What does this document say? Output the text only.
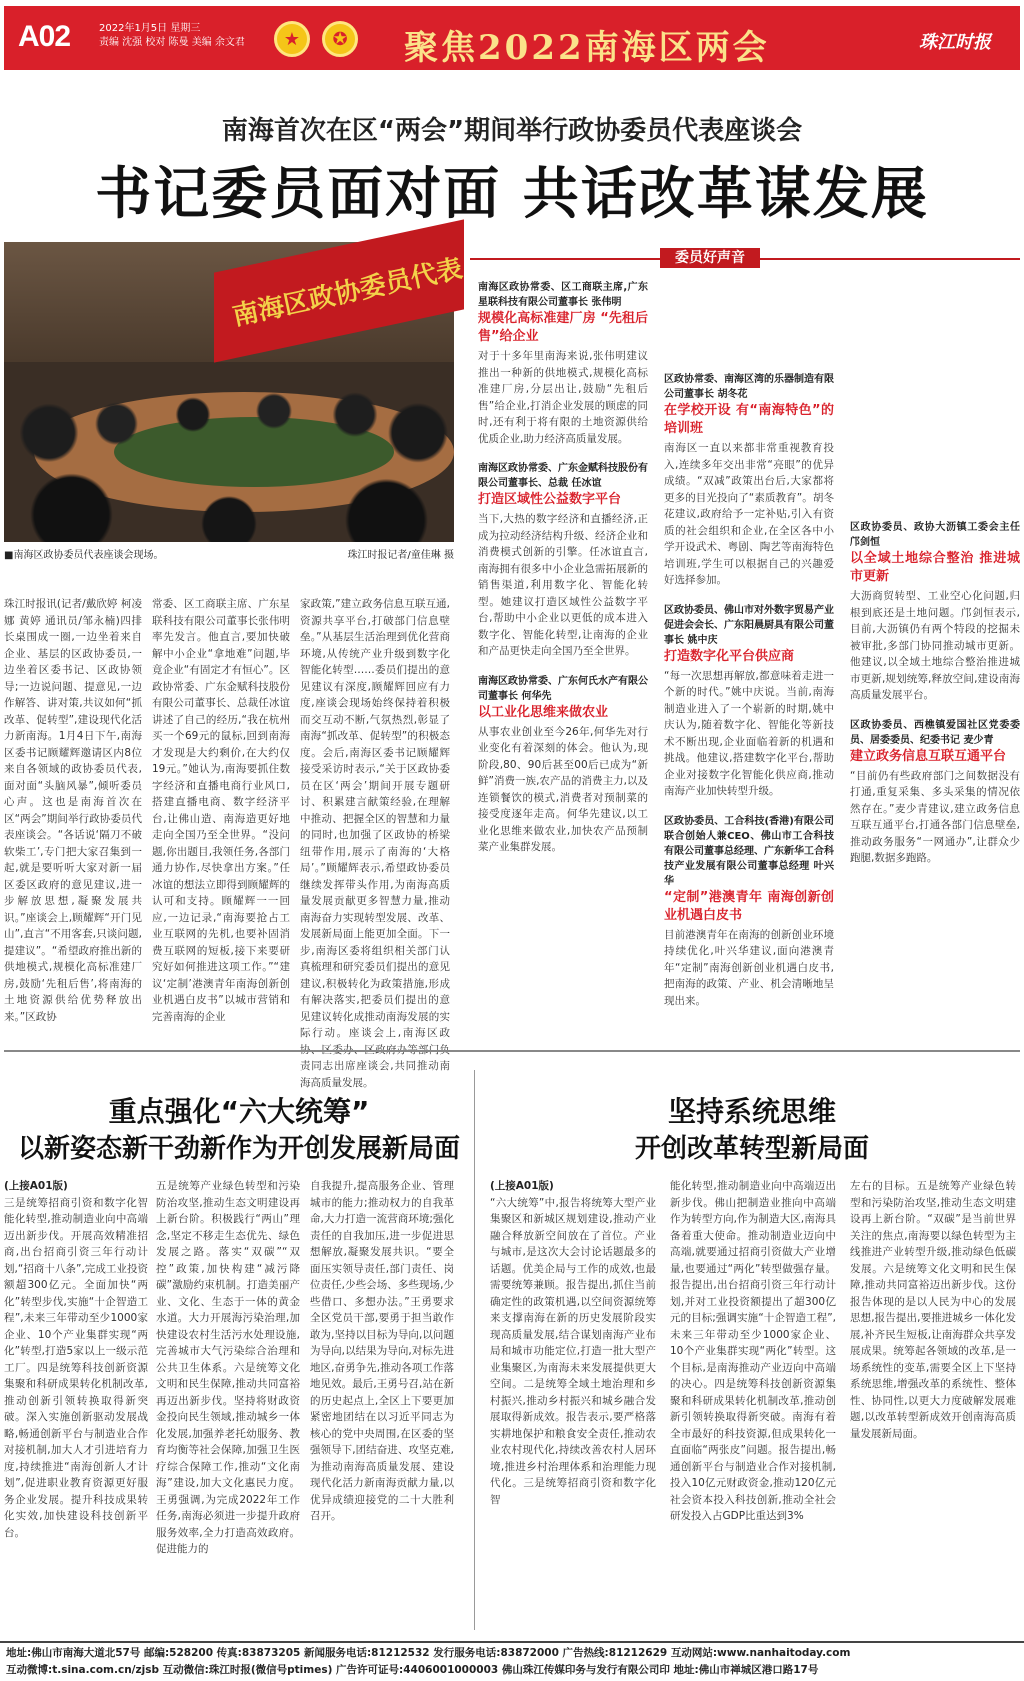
A02	2022年1月5日 星期三
责编 沈强 校对 陈曼 美编 余文君	★	✪	聚焦2022南海区两会	珠江时报
南海首次在区“两会”期间举行政协委员代表座谈会
书记委员面对面 共话改革谋发展
南海区政协委员代表
■南海区政协委员代表座谈会现场。	珠江时报记者/童佳琳 摄
珠江时报讯(记者/戴欣婷 柯凌娜 黄婷 通讯员/邹永楠)四排长桌围成一圈,一边坐着来自企业、基层的区政协委员,一边坐着区委书记、区政协领导;一边说问题、提意见,一边作解答、讲对策,共议如何“抓改革、促转型”,建设现代化活力新南海。1月4日下午,南海区委书记顾耀辉邀请区内8位来自各领域的政协委员代表,面对面“头脑风暴”,倾听委员心声。这也是南海首次在区“两会”期间举行政协委员代表座谈会。“各话说‘隔刀不破软柴工’,专门把大家召集到一起,就是要听听大家对新一届区委区政府的意见建议,进一步解放思想,凝聚发展共识。”座谈会上,顾耀辉“开门见山”,直言“不用客套,只谈问题,提建议”。“希望政府推出新的供地模式,规模化高标准建厂房,鼓励‘先租后售’,将南海的土地资源供给优势释放出来。”区政协
常委、区工商联主席、广东星联科技有限公司董事长张伟明率先发言。他直言,要加快破解中小企业“拿地难”问题,毕竟企业“有固定才有恒心”。区政协常委、广东金赋科技股份有限公司董事长、总裁任冰谊讲述了自己的经历,“我在杭州买一个69元的鼠标,回到南海才发现是大约剩价,在大约仅19元。”她认为,南海要抓住数字经济和直播电商行业风口,搭建直播电商、数字经济平台,让佛山造、南海造更好地走向全国乃至全世界。“没问题,你出题目,我领任务,各部门通力协作,尽快拿出方案。”任冰谊的想法立即得到顾耀辉的认可和支持。顾耀辉一一回应,一边记录,“南海要抢占工业互联网的先机,也要补固消费互联网的短板,接下来要研究好如何推进这项工作。”“建议‘定制’港澳青年南海创新创业机遇白皮书”以城市营销和完善南海的企业
家政策,”建立政务信息互联互通,资源共享平台,打破部门信息壁垒。”从基层生活治理到优化营商环境,从传统产业升级到数字化智能化转型……委员们提出的意见建议有深度,顾耀辉回应有力度,座谈会现场始终保持着积极而交互动不断,气氛热烈,彰显了南海“抓改革、促转型”的积极态度。会后,南海区委书记顾耀辉接受采访时表示,“关于区政协委员在区‘两会’期间开展专题研讨、积累建言献策经验,在理解中推动、把握全区的智慧和力量的同时,也加强了区政协的桥梁纽带作用,展示了南海的‘大格局’。”顾耀辉表示,希望政协委员继续发挥带头作用,为南海高质量发展贡献更多智慧力量,推动南海奋力实现转型发展、改革、发展新局面上能更加全面。下一步,南海区委将组织相关部门认真梳理和研究委员们提出的意见建议,积极转化为政策措施,形成有解决落实,把委员们提出的意见建议转化成推动南海发展的实际行动。座谈会上,南海区政 责同志出席座谈会,共同推动南海高质量发展。
委员好声音
南海区政协常委、区工商联主席,广东星联科技有限公司董事长 张伟明
规模化高标准建厂房 “先租后售”给企业
对于十多年里南海来说,张伟明建议推出一种新的供地模式,规模化高标准建厂房,分层出让,鼓励“先租后售”给企业,打消企业发展的顾虑的同时,还有利于将有限的土地资源供给优质企业,助力经济高质量发展。
南海区政协常委、广东金赋科技股份有限公司董事长、总裁 任冰谊
打造区域性公益数字平台
当下,大热的数字经济和直播经济,正成为拉动经济结构升级、经济企业和消费模式创新的引擎。任冰谊直言,南海拥有很多中小企业急需拓展新的销售渠道,利用数字化、智能化转型。她建议打造区域性公益数字平台,帮助中小企业以更低的成本进入数字化、智能化转型,让南海的企业和产品更快走向全国乃至全世界。
南海区政协常委、广东何氏水产有限公司董事长 何华先
以工业化思维来做农业
从事农业创业至今26年,何华先对行业变化有着深刻的体会。他认为,现阶段,80、90后甚至00后已成为“新鲜”消费一族,农产品的消费主力,以及连锁餐饮的模式,消费者对预制菜的接受度逐年走高。何华先建议,以工业化思维来做农业,加快农产品预制菜产业集群发展。
区政协常委、南海区湾的乐器制造有限公司董事长 胡冬花
在学校开设 有“南海特色”的培训班
南海区一直以来都非常重视教育投入,连续多年交出非常“亮眼”的优异成绩。“双减”政策出台后,大家都将更多的目光投向了“素质教育”。胡冬花建议,政府给予一定补贴,引入有资质的社会组织和企业,在全区各中小学开设武术、粤剧、陶艺等南海特色培训班,学生可以根据自己的兴趣爱好选择参加。
区政协委员、佛山市对外数字贸易产业促进会会长、广东阳晨厨具有限公司董事长 姚中庆
打造数字化平台供应商
“每一次思想再解放,都意味着走进一个新的时代。”姚中庆说。当前,南海制造业进入了一个崭新的时期,姚中庆认为,随着数字化、智能化等新技术不断出现,企业面临着新的机遇和挑战。他建议,搭建数字化平台,帮助企业对接数字化智能化供应商,推动南海产业加快转型升级。
区政协委员、工合科技(香港)有限公司联合创始人兼CEO、佛山市工合科技有限公司董事总经理、广东新华工合科技产业发展有限公司董事总经理 叶兴华
“定制”港澳青年 南海创新创业机遇白皮书
目前港澳青年在南海的创新创业环境持续优化,叶兴华建议,面向港澳青年“定制”南海创新创业机遇白皮书,把南海的政策、产业、机会清晰地呈现出来。
区政协委员、政协大沥镇工委会主任 邝剑恒
以全域土地综合整治 推进城市更新
大沥商贸转型、工业空心化问题,归根到底还是土地问题。邝剑恒表示,目前,大沥镇仍有两个特段的挖掘未被审批,多部门协同推动城市更新。他建议,以全域土地综合整治推进城市更新,规划统筹,释放空间,建设南海高质量发展平台。
区政协委员、西樵镇爱国社区党委委员、居委委员、纪委书记 麦少青
建立政务信息互联互通平台
“目前仍有些政府部门之间数据没有打通,重复采集、多头采集的情况依然存在。”麦少青建议,建立政务信息互联互通平台,打通各部门信息壁垒,推动政务服务“一网通办”,让群众少跑腿,数据多跑路。
重点强化“六大统筹”
以新姿态新干劲新作为开创发展新局面
(上接A01版)
三是统筹招商引资和数字化智能化转型,推动制造业向中高端迈出新步伐。开展高效精准招商,出台招商引资三年行动计划,“招商十八条”,完成工业投资额超300亿元。全面加快“两化”转型步伐,实施“十企智造工程”,未来三年带动至少1000家企业、10个产业集群实现“两化”转型,打造5家以上一级示范工厂。四是统筹科技创新资源集聚和科研成果转化机制改革,推动创新引领转换取得新突破。深入实施创新驱动发展战略,畅通创新平台与制造业合作对接机制,加大人才引进培育力度,持续推进“南海创新人才计划”,促进职业教育资源更好服务企业发展。提升科技成果转化实效,加快建设科技创新平台。
五是统筹产业绿色转型和污染防治攻坚,推动生态文明建设再上新台阶。积极践行“两山”理念,坚定不移走生态优先、绿色发展之路。落实“双碳”“双控”政策,加快构建“减污降碳”激励约束机制。打造美丽产业、文化、生态于一体的黄金水道。大力开展海污染治理,加快建设农村生活污水处理设施,完善城市大气污染综合治理和公共卫生体系。六是统筹文化文明和民生保障,推动共同富裕再迈出新步伐。坚持将财政资金投向民生领域,推动城乡一体化发展,加强养老托幼服务、教育均衡等社会保障,加强卫生医疗综合保障工作,推动“文化南海”建设,加大文化惠民力度。王勇强调,为完成2022年工作任务,南海必须进一步提升政府服务效率,全力打造高效政府。促进能力的
自我提升,提高服务企业、管理城市的能力;推动权力的自我革命,大力打造一流营商环境;强化责任的自我加压,进一步促进思想解放,凝聚发展共识。“要全面压实领导责任,部门责任、岗位责任,少些会场、多些现场,少些借口、多想办法。”王勇要求全区党员干部,要勇于担当敢作敢为,坚持以目标为导向,以问题为导向,以结果为导向,对标先进地区,奋勇争先,推动各项工作落地见效。最后,王勇号召,站在新的历史起点上,全区上下要更加紧密地团结在以习近平同志为核心的党中央周围,在区委的坚强领导下,团结奋进、攻坚克难,为推动南海高质量发展、建设现代化活力新南海贡献力量,以优异成绩迎接党的二十大胜利召开。
坚持系统思维
开创改革转型新局面
(上接A01版)
“六大统筹”中,报告将统筹大型产业集聚区和新城区规划建设,推动产业融合释放新空间放在了首位。产业与城市,是这次大会讨论话题最多的话题。优美企局与工作的成效,也最需要统筹兼顾。报告提出,抓住当前确定性的政策机遇,以空间资源统筹来支撑南海在新的历史发展阶段实现高质量发展,结合谋划南海产业布局和城市功能定位,打造一批大型产业集聚区,为南海未来发展提供更大空间。二是统筹全域土地治理和乡村振兴,推动乡村振兴和城乡融合发展取得新成效。报告表示,要严格落实耕地保护和粮食安全责任,推动农业农村现代化,持续改善农村人居环境,推进乡村治理体系和治理能力现代化。三是统筹招商引资和数字化智
能化转型,推动制造业向中高端迈出新步伐。佛山把制造业推向中高端作为转型方向,作为制造大区,南海具备着重大使命。推动制造业迈向中高端,就要通过招商引资做大产业增量,也要通过“两化”转型做强存量。报告提出,出台招商引资三年行动计划,并对工业投资额提出了超300亿元的目标;强调实施“十企智造工程”,未来三年带动至少1000家企业、10个产业集群实现“两化”转型。这个目标,是南海推动产业迈向中高端的决心。四是统筹科技创新资源集聚和科研成果转化机制改革,推动创新引领转换取得新突破。南海有着全市最好的科技资源,但成果转化一直面临“两张皮”问题。报告提出,畅通创新平台与制造业合作对接机制,投入10亿元财政资金,推动120亿元社会资本投入科技创新,推动全社会研发投入占GDP比重达到3%
左右的目标。五是统筹产业绿色转型和污染防治攻坚,推动生态文明建设再上新台阶。“双碳”是当前世界关注的焦点,南海要以绿色转型为主线推进产业转型升级,推动绿色低碳发展。六是统筹文化文明和民生保障,推动共同富裕迈出新步伐。这份报告体现的是以人民为中心的发展思想,报告提出,要推进城乡一体化发展,补齐民生短板,让南海群众共享发展成果。统筹起各领域的改革,是一场系统性的变革,需要全区上下坚持系统思维,增强改革的系统性、整体性、协同性,以更大力度破解发展难题,以改革转型新成效开创南海高质量发展新局面。
地址:佛山市南海大道北57号 邮编:528200 传真:83873205 新闻服务电话:81212532 发行服务电话:83872000 广告热线:81212629 互动网站:www.nanhaitoday.com
互动微博:t.sina.com.cn/zjsb 互动微信:珠江时报(微信号ptimes) 广告许可证号:4406001000003 佛山珠江传媒印务与发行有限公司印 地址:佛山市禅城区港口路17号
